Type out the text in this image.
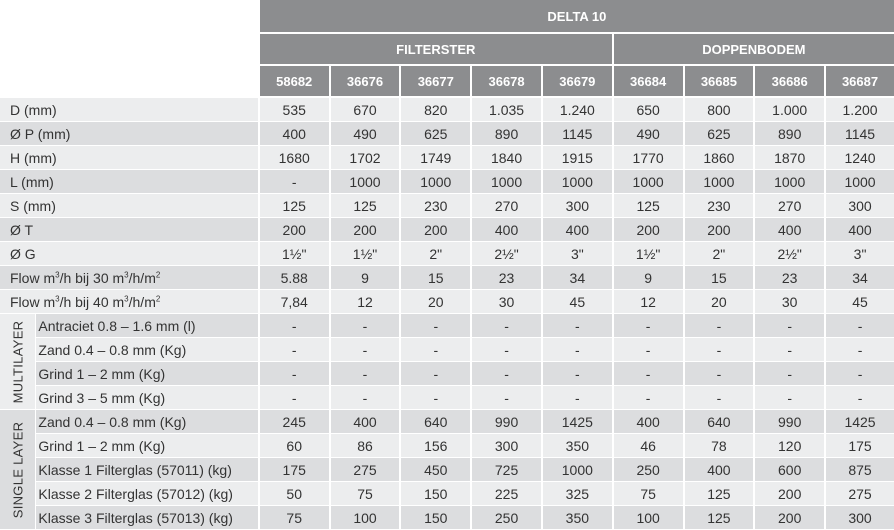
		DELTA 10								
		FILTERSTER					DOPPENBODEM			
		58682	36676	36677	36678	36679	36684	36685	36686	36687
D (mm)		535	670	820	1.035	1.240	650	800	1.000	1.200
Ø P (mm)		400	490	625	890	1145	490	625	890	1145
H (mm)		1680	1702	1749	1840	1915	1770	1860	1870	1240
L (mm)		-	1000	1000	1000	1000	1000	1000	1000	1000
S (mm)		125	125	230	270	300	125	230	270	300
Ø T		200	200	200	400	400	200	200	400	400
Ø G		1½"	1½"	2"	2½"	3"	1½"	2"	2½"	3"
Flow $m^3/h$ bij 30 $m^3/h/m^2$		5.88	9	15	23	34	9	15	23	34
Flow $m^3/h$ bij 40 $m^3/h/m^2$		7,84	12	20	30	45	12	20	30	45

MULTILAYER	Antraciet 0.8 – 1.6 mm (l)	-	-	-	-	-	-	-	-	-
	Zand 0.4 – 0.8 mm (Kg)	-	-	-	-	-	-	-	-	-
	Grind 1 – 2 mm (Kg)	-	-	-	-	-	-	-	-	-
	Grind 3 – 5 mm (Kg)	-	-	-	-	-	-	-	-	-

SINGLE LAYER	Zand 0.4 – 0.8 mm (Kg)	245	400	640	990	1425	400	640	990	1425
	Grind 1 – 2 mm (Kg)	60	86	156	300	350	46	78	120	175
	Klasse 1 Filterglas (57011) (kg)	175	275	450	725	1000	250	400	600	875
	Klasse 2 Filterglas (57012) (kg)	50	75	150	225	325	75	125	200	275
	Klasse 3 Filterglas (57013) (kg)	75	100	150	250	350	100	125	200	300
